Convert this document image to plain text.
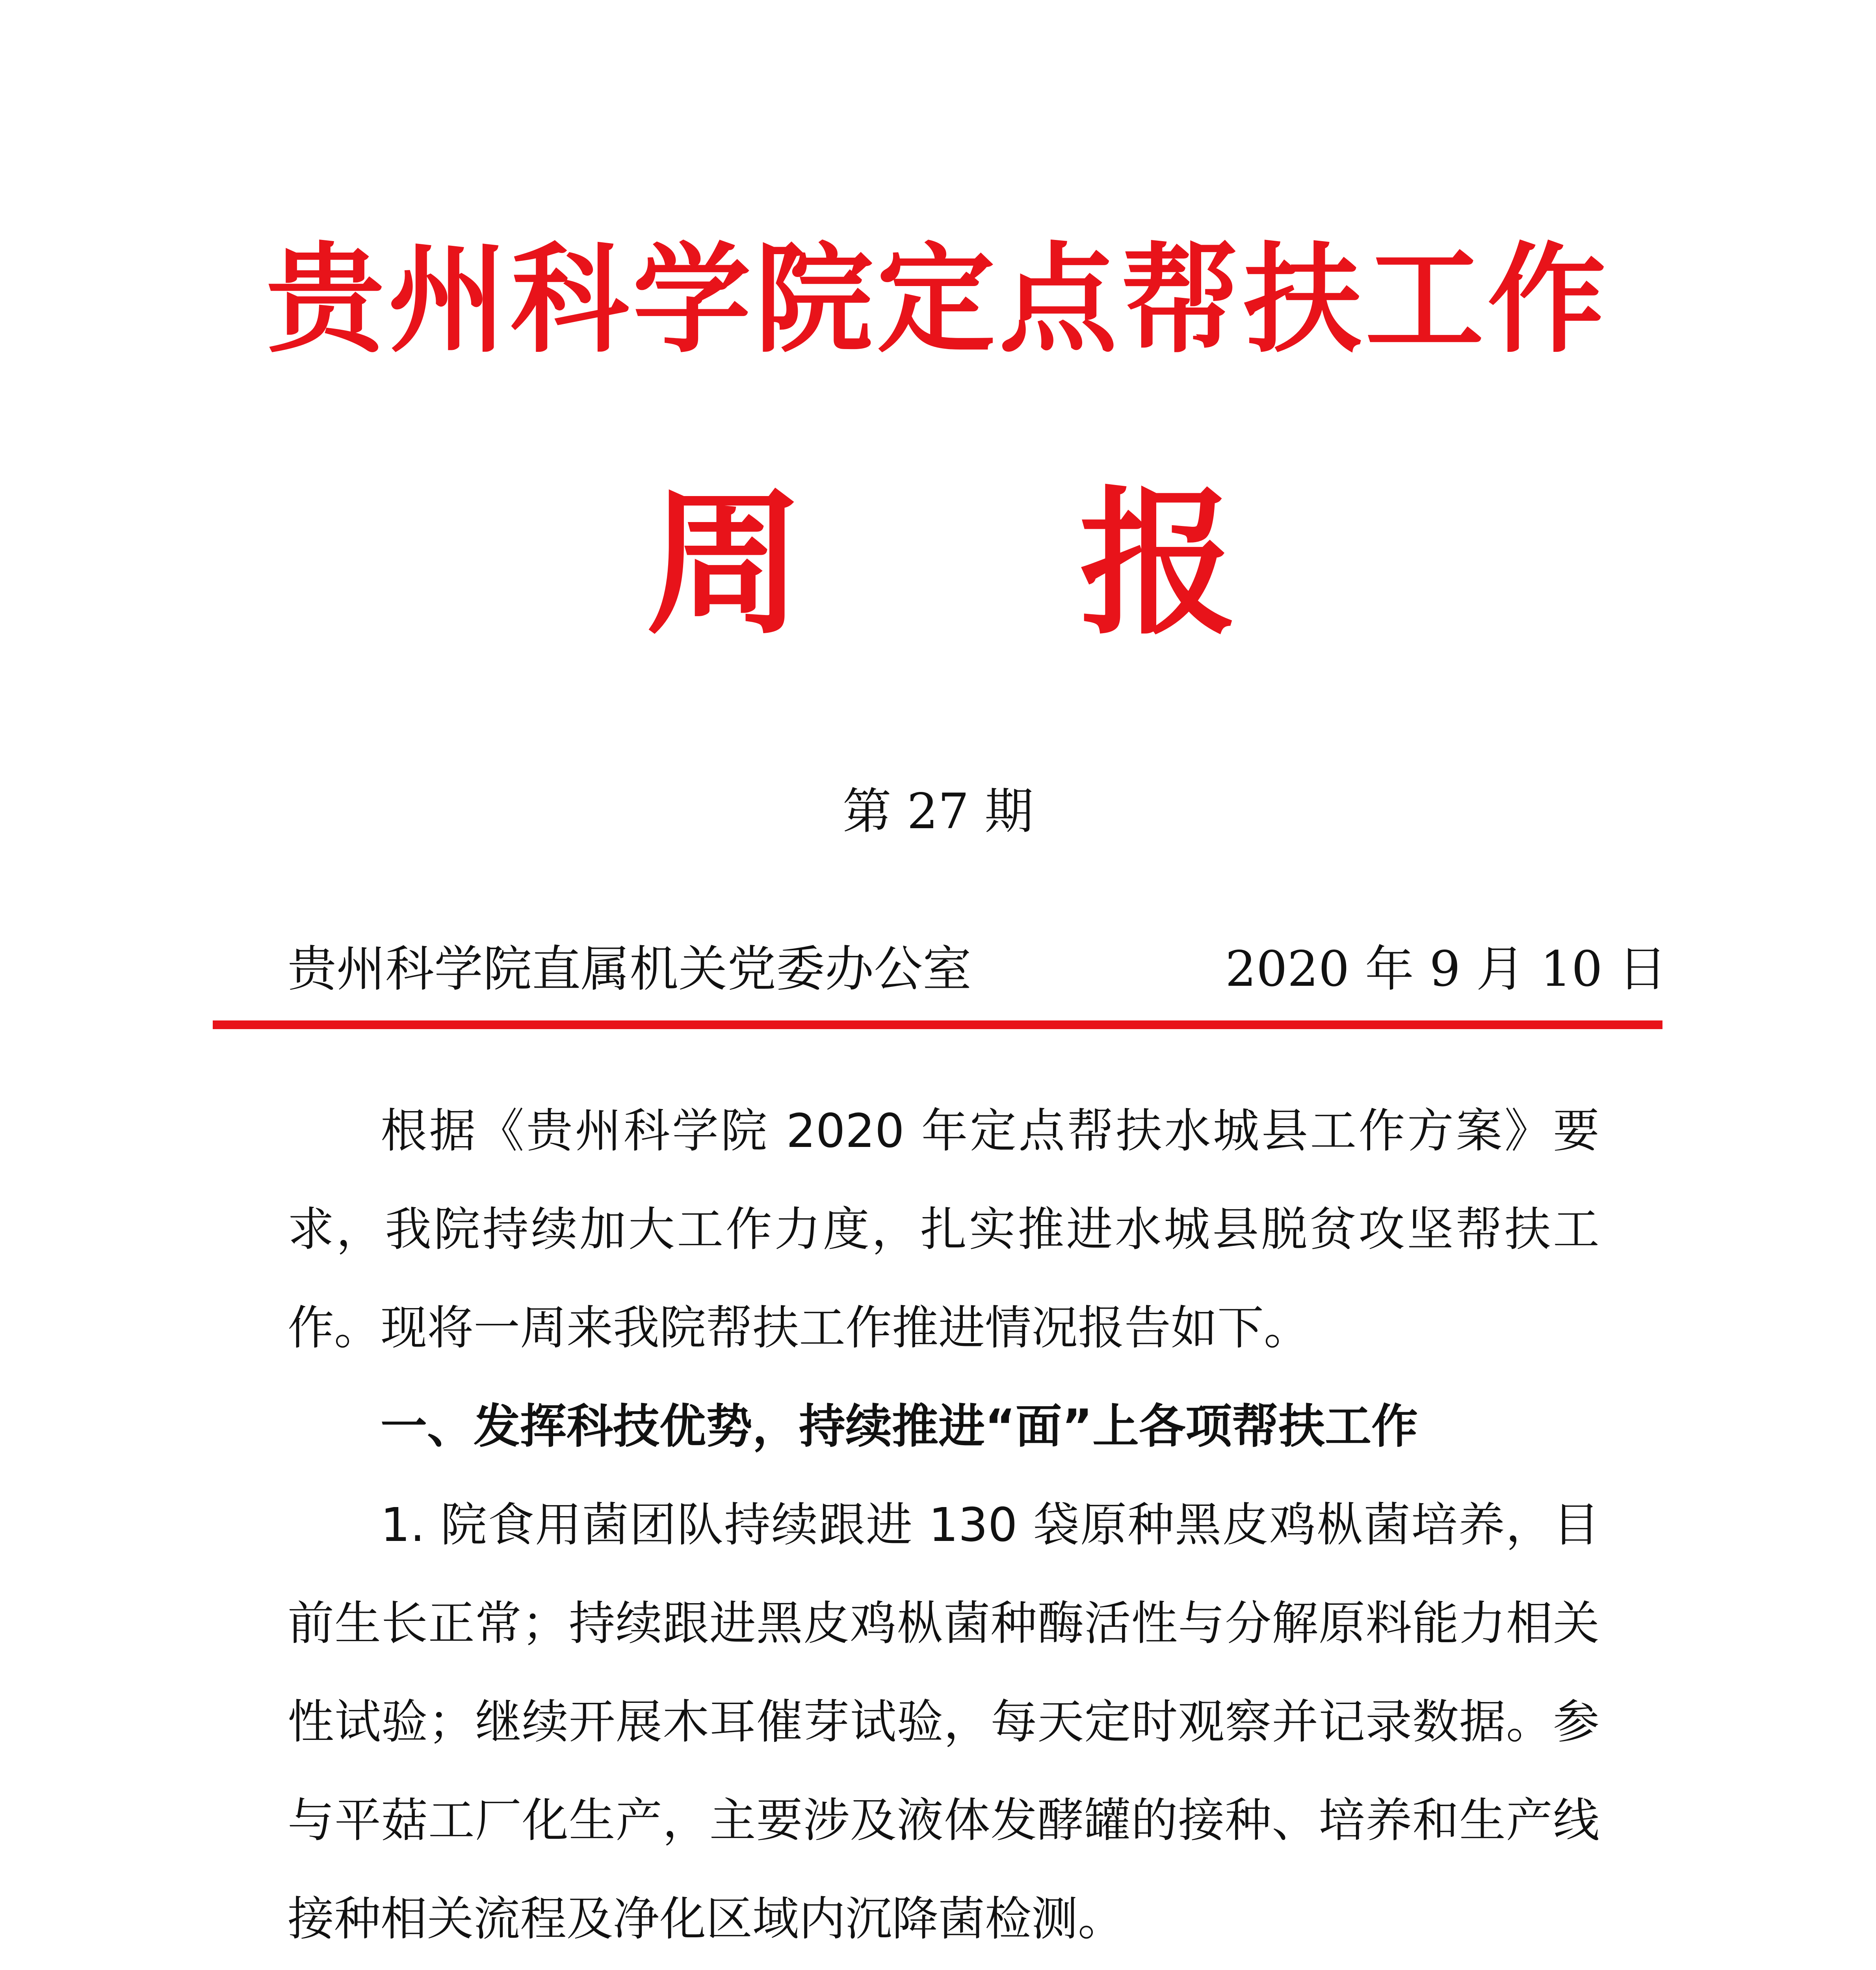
贵州科学院定点帮扶工作
周 报
第 27 期
贵州科学院直属机关党委办公室	2020 年 9 月 10 日

根据《贵州科学院 2020 年定点帮扶水城县工作方案》要求，我院持续加大工作力度，扎实推进水城县脱贫攻坚帮扶工作。现将一周来我院帮扶工作推进情况报告如下。

一、发挥科技优势，持续推进“面”上各项帮扶工作

1. 院食用菌团队持续跟进 130 袋原种黑皮鸡枞菌培养，目前生长正常；持续跟进黑皮鸡枞菌种酶活性与分解原料能力相关性试验；继续开展木耳催芽试验，每天定时观察并记录数据。参与平菇工厂化生产，主要涉及液体发酵罐的接种、培养和生产线接种相关流程及净化区域内沉降菌检测。
